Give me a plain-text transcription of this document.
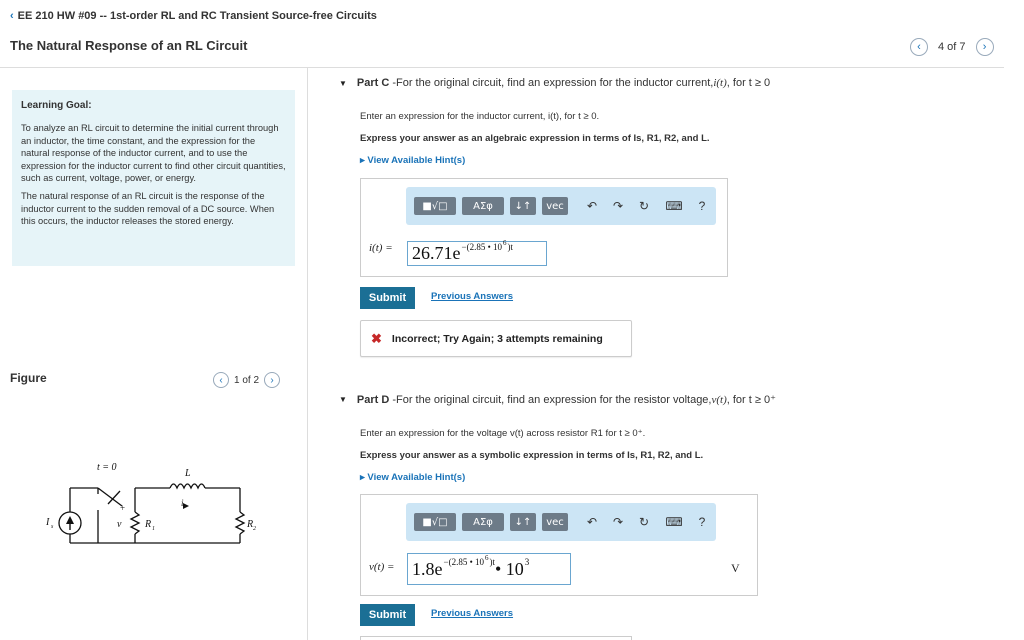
‹ EE 210 HW #09 -- 1st-order RL and RC Transient Source-free Circuits
The Natural Response of an RL Circuit	‹	4 of 7	›
Learning Goal:

To analyze an RL circuit to determine the initial current through an inductor, the time constant, and the expression for the natural response of the inductor current, and to use the expression for the inductor current to find other circuit quantities, such as current, voltage, power, or energy.

The natural response of an RL circuit is the response of the inductor current to the sudden removal of a DC source. When this occurs, the inductor releases the stored energy.

Figure	‹	1 of 2	›
t = 0
L
i
I s	v
+
−
R 1	R 2
▼ Part C - For the original circuit, find an expression for the inductor current, i(t) , for t ≥ 0
Enter an expression for the inductor current, i(t), for t ≥ 0.
Express your answer as an algebraic expression in terms of Is, R1, R2, and L.
▸ View Available Hint(s)
■√□	ΑΣφ	↓↑	vec	↶ ↷ ↻ ⌨	?
i(t) = 26.71e −(2.85 • 10 6 )t
Submit	Previous Answers
✖ Incorrect; Try Again; 3 attempts remaining
▼ Part D - For the original circuit, find an expression for the resistor voltage, v(t) , for t ≥ 0⁺
Enter an expression for the voltage v(t) across resistor R1 for t ≥ 0⁺.
Express your answer as a symbolic expression in terms of Is, R1, R2, and L.
▸ View Available Hint(s)
■√□	ΑΣφ	↓↑	vec	↶ ↷ ↻ ⌨	?
v(t) = 1.8e −(2.85 • 10 6 )t • 10 3	V
Submit	Previous Answers
